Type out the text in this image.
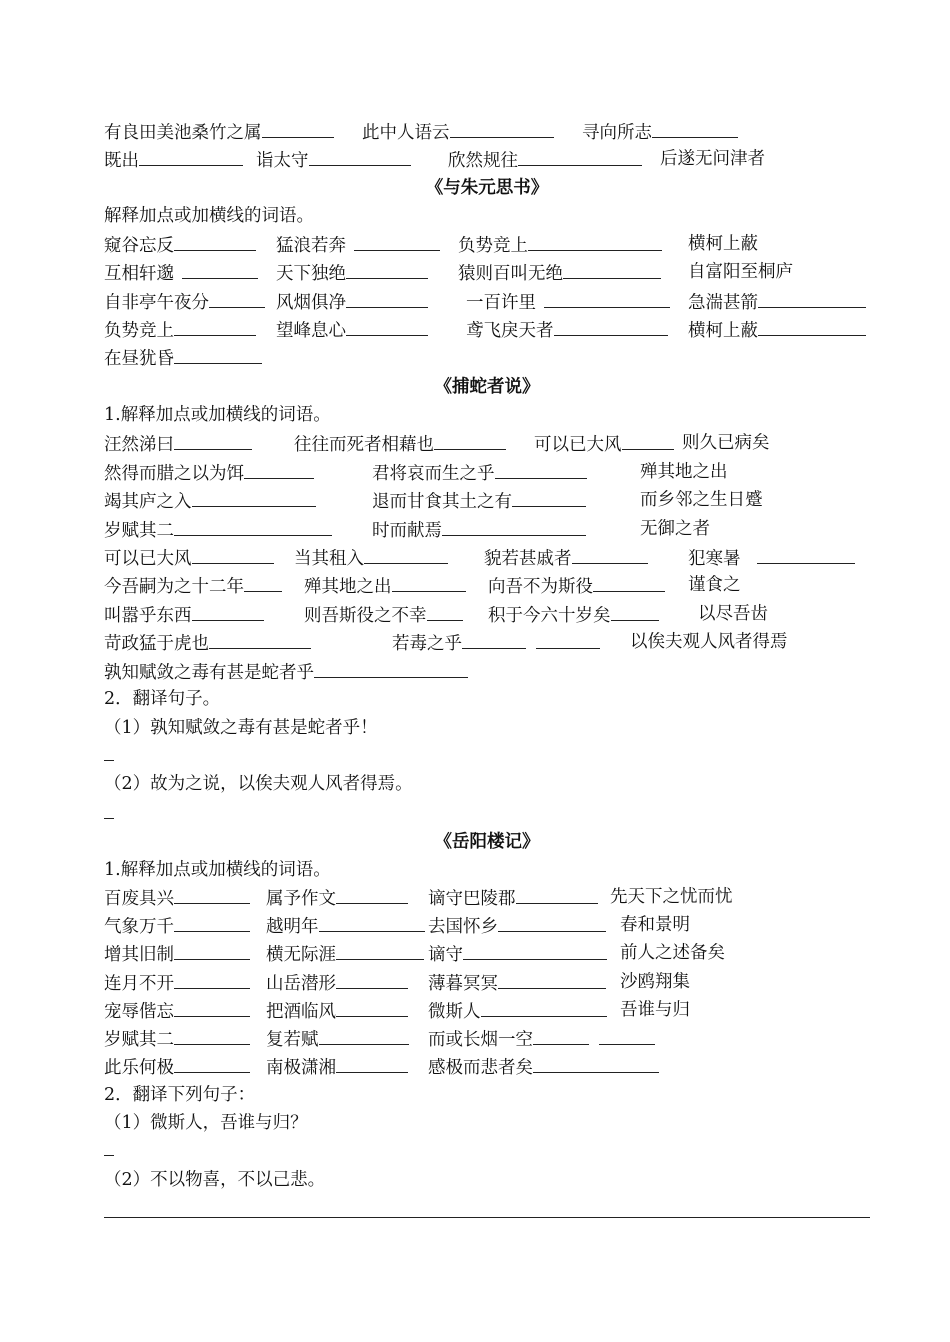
有良田美池桑竹之属	此中人语云	寻向所志
既出	诣太守	欣然规往	后遂无问津者
《与朱元思书》
解释加点或加横线的词语。
窥谷忘反	猛浪若奔	负势竞上	横柯上蔽
互相轩邈	天下独绝	猿则百叫无绝	自富阳至桐庐
自非亭午夜分	风烟俱净	一百许里	急湍甚箭
负势竞上	望峰息心	鸢飞戾天者	横柯上蔽
在昼犹昏
《捕蛇者说》
1.解释加点或加横线的词语。
汪然涕曰	往往而死者相藉也	可以已大风	则久已病矣
然得而腊之以为饵	君将哀而生之乎	殚其地之出
竭其庐之入	退而甘食其土之有	而乡邻之生日蹙
岁赋其二	时而献焉	无御之者
可以已大风	当其租入	貌若甚戚者	犯寒暑
今吾嗣为之十二年	殚其地之出	向吾不为斯役	谨食之
叫嚣乎东西	则吾斯役之不幸	积于今六十岁矣	以尽吾齿
苛政猛于虎也	若毒之乎	以俟夫观人风者得焉
孰知赋敛之毒有甚是蛇者乎
2．翻译句子。
（1）孰知赋敛之毒有甚是蛇者乎！
（2）故为之说，以俟夫观人风者得焉。
《岳阳楼记》
1.解释加点或加横线的词语。
百废具兴	属予作文	谪守巴陵郡	先天下之忧而忧
气象万千	越明年	去国怀乡	春和景明
增其旧制	横无际涯	谪守	前人之述备矣
连月不开	山岳潜形	薄暮冥冥	沙鸥翔集
宠辱偕忘	把酒临风	微斯人	吾谁与归
岁赋其二	复若赋	而或长烟一空
此乐何极	南极潇湘	感极而悲者矣
2．翻译下列句子：
（1）微斯人，吾谁与归？
（2）不以物喜，不以己悲。
